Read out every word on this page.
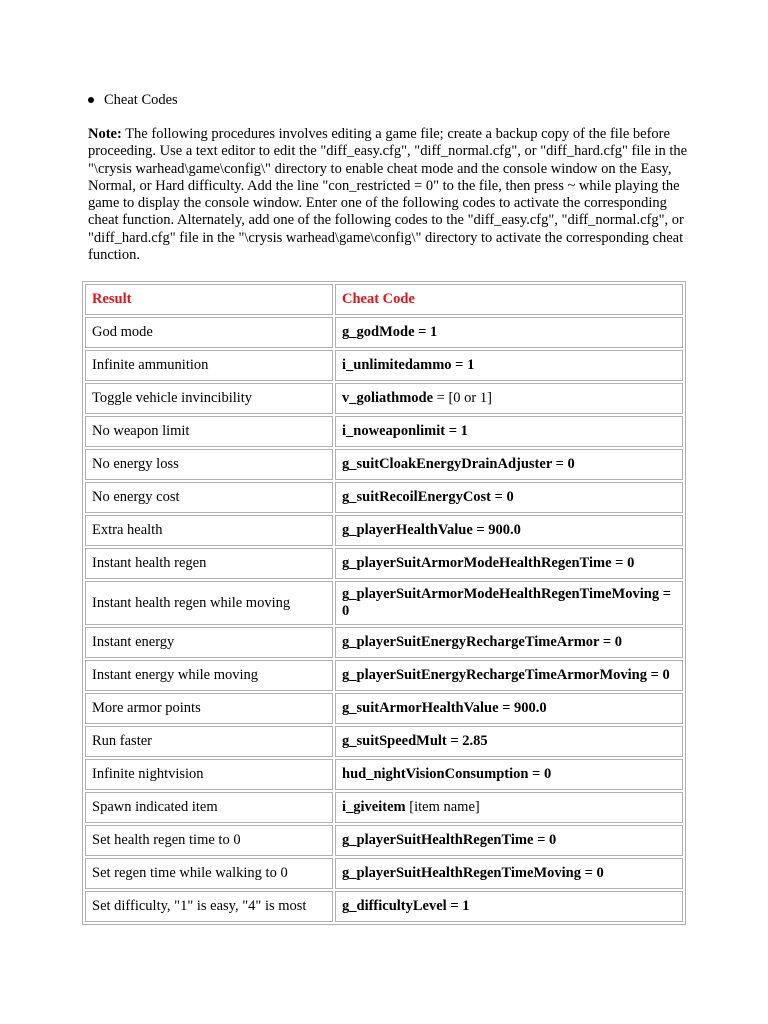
Cheat Codes
Note: The following procedures involves editing a game file; create a backup copy of the file before proceeding. Use a text editor to edit the "diff_easy.cfg", "diff_normal.cfg", or "diff_hard.cfg" file in the "\crysis warhead\game\config\" directory to enable cheat mode and the console window on the Easy, Normal, or Hard difficulty. Add the line "con_restricted = 0" to the file, then press ~ while playing the game to display the console window. Enter one of the following codes to activate the corresponding cheat function. Alternately, add one of the following codes to the "diff_easy.cfg", "diff_normal.cfg", or "diff_hard.cfg" file in the "\crysis warhead\game\config\" directory to activate the corresponding cheat function.
Result	Cheat Code
God mode	g_godMode = 1
Infinite ammunition	i_unlimitedammo = 1
Toggle vehicle invincibility	v_goliathmode = [0 or 1]
No weapon limit	i_noweaponlimit = 1
No energy loss	g_suitCloakEnergyDrainAdjuster = 0
No energy cost	g_suitRecoilEnergyCost = 0
Extra health	g_playerHealthValue = 900.0
Instant health regen	g_playerSuitArmorModeHealthRegenTime = 0
Instant health regen while moving	g_playerSuitArmorModeHealthRegenTimeMoving = 0
Instant energy	g_playerSuitEnergyRechargeTimeArmor = 0
Instant energy while moving	g_playerSuitEnergyRechargeTimeArmorMoving = 0
More armor points	g_suitArmorHealthValue = 900.0
Run faster	g_suitSpeedMult = 2.85
Infinite nightvision	hud_nightVisionConsumption = 0
Spawn indicated item	i_giveitem [item name]
Set health regen time to 0	g_playerSuitHealthRegenTime = 0
Set regen time while walking to 0	g_playerSuitHealthRegenTimeMoving = 0
Set difficulty, "1" is easy, "4" is most	g_difficultyLevel = 1
